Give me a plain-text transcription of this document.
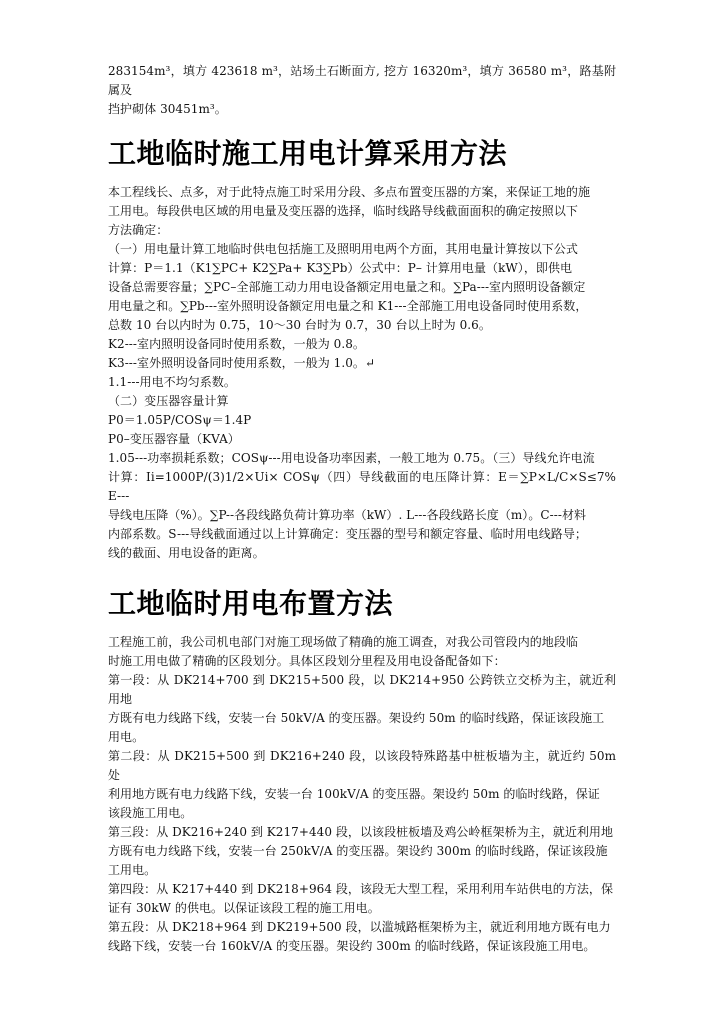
283154m³，填方 423618 m³，站场土石断面方, 挖方 16320m³，填方 36580 m³，路基附属及
挡护砌体 30451m³。
工地临时施工用电计算采用方法
本工程线长、点多，对于此特点施工时采用分段、多点布置变压器的方案，来保证工地的施
工用电。每段供电区域的用电量及变压器的选择，临时线路导线截面面积的确定按照以下
方法确定：
（一）用电量计算工地临时供电包括施工及照明用电两个方面，其用电量计算按以下公式
计算：P＝1.1（K1∑PC+ K2∑Pa+ K3∑Pb）公式中：P– 计算用电量（kW），即供电
设备总需要容量；∑PC–全部施工动力用电设备额定用电量之和。∑Pa---室内照明设备额定
用电量之和。∑Pb---室外照明设备额定用电量之和 K1---全部施工用电设备同时使用系数，
总数 10 台以内时为 0.75，10～30 台时为 0.7，30 台以上时为 0.6。
K2---室内照明设备同时使用系数，一般为 0.8。
K3---室外照明设备同时使用系数，一般为 1.0。↵
1.1---用电不均匀系数。
（二）变压器容量计算
P0＝1.05P/COSψ＝1.4P
P0–变压器容量（KVA）
1.05---功率损耗系数；COSψ---用电设备功率因素，一般工地为 0.75。（三）导线允许电流
计算：Ii=1000P/(3)1/2×Ui× COSψ（四）导线截面的电压降计算：E＝∑P×L/C×S≤7% E---
导线电压降（%）。∑P--各段线路负荷计算功率（kW）. L---各段线路长度（m）。C---材料
内部系数。S---导线截面通过以上计算确定：变压器的型号和额定容量、临时用电线路导；
线的截面、用电设备的距离。
工地临时用电布置方法
工程施工前，我公司机电部门对施工现场做了精确的施工调查，对我公司管段内的地段临
时施工用电做了精确的区段划分。具体区段划分里程及用电设备配备如下：
第一段：从 DK214+700 到 DK215+500 段，以 DK214+950 公跨铁立交桥为主，就近利用地
方既有电力线路下线，安装一台 50kV/A 的变压器。架设约 50m 的临时线路，保证该段施工
用电。
第二段：从 DK215+500 到 DK216+240 段，以该段特殊路基中桩板墙为主，就近约 50m 处
利用地方既有电力线路下线，安装一台 100kV/A 的变压器。架设约 50m 的临时线路，保证
该段施工用电。
第三段：从 DK216+240 到 K217+440 段，以该段桩板墙及鸡公岭框架桥为主，就近利用地
方既有电力线路下线，安装一台 250kV/A 的变压器。架设约 300m 的临时线路，保证该段施
工用电。
第四段：从 K217+440 到 DK218+964 段，该段无大型工程，采用利用车站供电的方法，保
证有 30kW 的供电。以保证该段工程的施工用电。
第五段：从 DK218+964 到 DK219+500 段，以滥城路框架桥为主，就近利用地方既有电力
线路下线，安装一台 160kV/A 的变压器。架设约 300m 的临时线路，保证该段施工用电。
